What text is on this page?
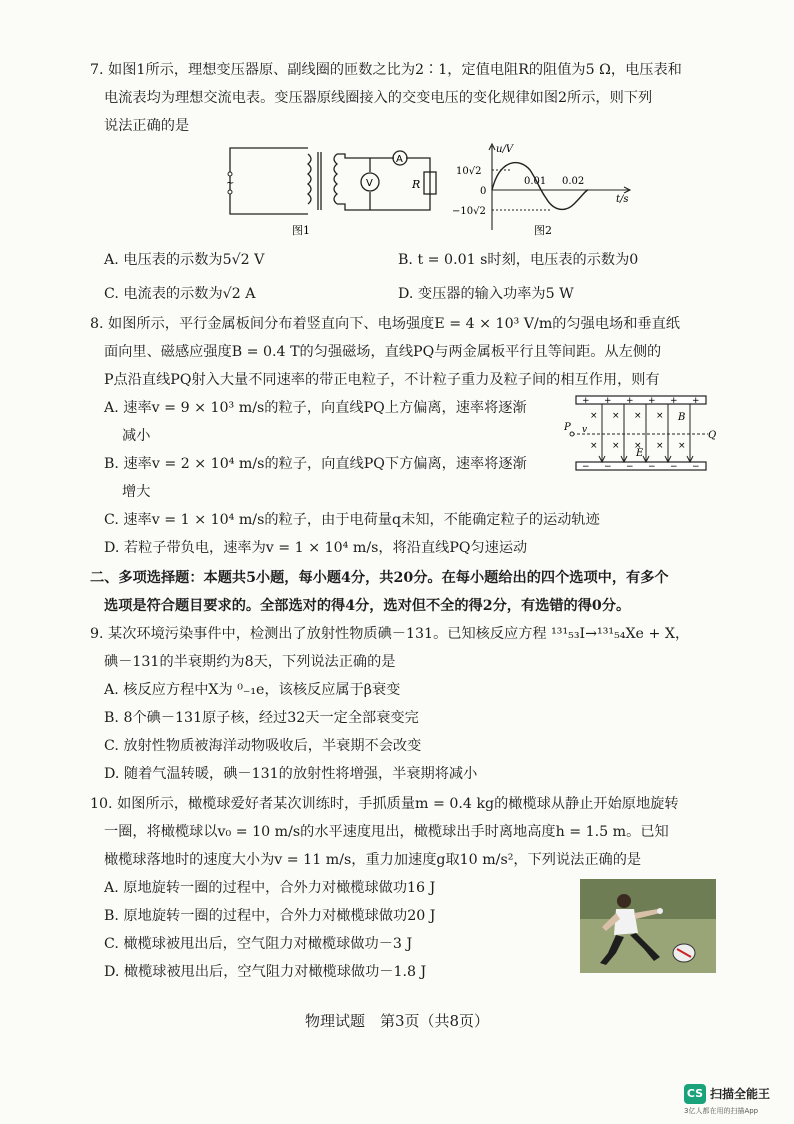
7. 如图1所示，理想变压器原、副线圈的匝数之比为2∶1，定值电阻R的阻值为5 Ω，电压表和
电流表均为理想交流电表。变压器原线圈接入的交变电压的变化规律如图2所示，则下列
说法正确的是
~
A
V	R
图1
u/V
t/s
10√2
0
−10√2
0.01 0.02
图2
A. 电压表的示数为5√2 V	B. t = 0.01 s时刻，电压表的示数为0
C. 电流表的示数为√2 A	D. 变压器的输入功率为5 W
8. 如图所示，平行金属板间分布着竖直向下、电场强度E = 4 × 10³ V/m的匀强电场和垂直纸
面向里、磁感应强度B = 0.4 T的匀强磁场，直线PQ与两金属板平行且等间距。从左侧的
P点沿直线PQ射入大量不同速率的带正电粒子，不计粒子重力及粒子间的相互作用，则有
A. 速率v = 9 × 10³ m/s的粒子，向直线PQ上方偏离，速率将逐渐
减小
B. 速率v = 2 × 10⁴ m/s的粒子，向直线PQ下方偏离，速率将逐渐
增大
C. 速率v = 1 × 10⁴ m/s的粒子，由于电荷量q未知，不能确定粒子的运动轨迹
D. 若粒子带负电，速率为v = 1 × 10⁴ m/s，将沿直线PQ匀速运动
+ + + + + +
− − − − − −
× × × ×
× × × × ×
P
Q
v
B
E
二、多项选择题：本题共5小题，每小题4分，共20分。在每小题给出的四个选项中，有多个
选项是符合题目要求的。全部选对的得4分，选对但不全的得2分，有选错的得0分。
9. 某次环境污染事件中，检测出了放射性物质碘－131。已知核反应方程 ¹³¹₅₃I→¹³¹₅₄Xe + X，
碘－131的半衰期约为8天，下列说法正确的是
A. 核反应方程中X为 ⁰₋₁e，该核反应属于β衰变
B. 8个碘－131原子核，经过32天一定全部衰变完
C. 放射性物质被海洋动物吸收后，半衰期不会改变
D. 随着气温转暖，碘－131的放射性将增强，半衰期将减小
10. 如图所示，橄榄球爱好者某次训练时，手抓质量m = 0.4 kg的橄榄球从静止开始原地旋转
一圈，将橄榄球以v₀ = 10 m/s的水平速度甩出，橄榄球出手时离地高度h = 1.5 m。已知
橄榄球落地时的速度大小为v = 11 m/s，重力加速度g取10 m/s²，下列说法正确的是
A. 原地旋转一圈的过程中，合外力对橄榄球做功16 J
B. 原地旋转一圈的过程中，合外力对橄榄球做功20 J
C. 橄榄球被甩出后，空气阻力对橄榄球做功－3 J
D. 橄榄球被甩出后，空气阻力对橄榄球做功－1.8 J
物理试题　第3页（共8页）
CS 扫描全能王
3亿人都在用的扫描App
